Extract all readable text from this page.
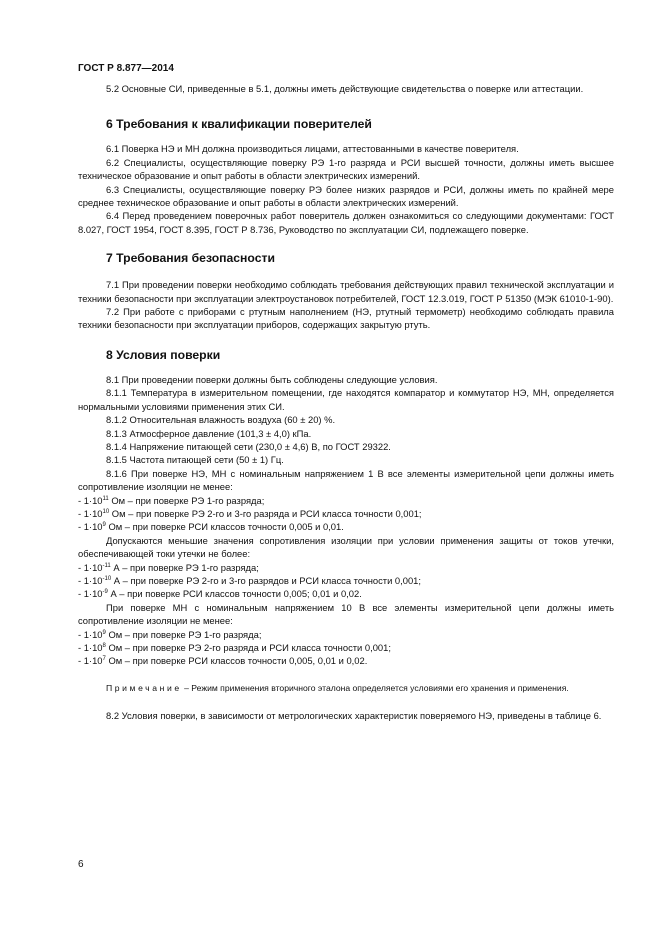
ГОСТ Р 8.877—2014

5.2 Основные СИ, приведенные в 5.1, должны иметь действующие свидетельства о поверке или аттестации.

6 Требования к квалификации поверителей

6.1 Поверка НЭ и МН должна производиться лицами, аттестованными в качестве поверителя.

6.2 Специалисты, осуществляющие поверку РЭ 1-го разряда и РСИ высшей точности, должны иметь высшее техническое образование и опыт работы в области электрических измерений.

6.3 Специалисты, осуществляющие поверку РЭ более низких разрядов и РСИ, должны иметь по крайней мере среднее техническое образование и опыт работы в области электрических измерений.

6.4 Перед проведением поверочных работ поверитель должен ознакомиться со следующими документами: ГОСТ 8.027, ГОСТ 1954, ГОСТ 8.395, ГОСТ Р 8.736, Руководство по эксплуатации СИ, подлежащего поверке.

7 Требования безопасности

7.1 При проведении поверки необходимо соблюдать требования действующих правил технической эксплуатации и техники безопасности при эксплуатации электроустановок потребителей, ГОСТ 12.3.019, ГОСТ Р 51350 (МЭК 61010-1-90).

7.2 При работе с приборами с ртутным наполнением (НЭ, ртутный термометр) необходимо соблюдать правила техники безопасности при эксплуатации приборов, содержащих закрытую ртуть.

8 Условия поверки

8.1 При проведении поверки должны быть соблюдены следующие условия.

8.1.1 Температура в измерительном помещении, где находятся компаратор и коммутатор НЭ, МН, определяется нормальными условиями применения этих СИ.

8.1.2 Относительная влажность воздуха (60 ± 20) %.

8.1.3 Атмосферное давление (101,3 ± 4,0) кПа.

8.1.4 Напряжение питающей сети (230,0 ± 4,6) В, по ГОСТ 29322.

8.1.5 Частота питающей сети (50 ± 1) Гц.

8.1.6 При поверке НЭ, МН с номинальным напряжением 1 В все элементы измерительной цепи должны иметь сопротивление изоляции не менее:

- $1\cdot 10^{11}$ Ом – при поверке РЭ 1-го разряда;

- $1\cdot 10^{10}$ Ом – при поверке РЭ 2-го и 3-го разряда и РСИ класса точности 0,001;

- $1\cdot 10^9$ Ом – при поверке РСИ классов точности 0,005 и 0,01.

Допускаются меньшие значения сопротивления изоляции при условии применения защиты от токов утечки, обеспечивающей токи утечки не более:

- $1\cdot 10^{-11}$ А – при поверке РЭ 1-го разряда;

- $1\cdot 10^{-10}$ А – при поверке РЭ 2-го и 3-го разрядов и РСИ класса точности 0,001;

- $1\cdot 10^{-9}$ А – при поверке РСИ классов точности 0,005; 0,01 и 0,02.

При поверке МН с номинальным напряжением 10 В все элементы измерительной цепи должны иметь сопротивление изоляции не менее:

- $1\cdot 10^9$ Ом – при поверке РЭ 1-го разряда;

- $1\cdot 10^8$ Ом – при поверке РЭ 2-го разряда и РСИ класса точности 0,001;

- $1\cdot 10^7$ Ом – при поверке РСИ классов точности 0,005, 0,01 и 0,02.

Примечание – Режим применения вторичного эталона определяется условиями его хранения и применения.

8.2 Условия поверки, в зависимости от метрологических характеристик поверяемого НЭ, приведены в таблице 6.

6
